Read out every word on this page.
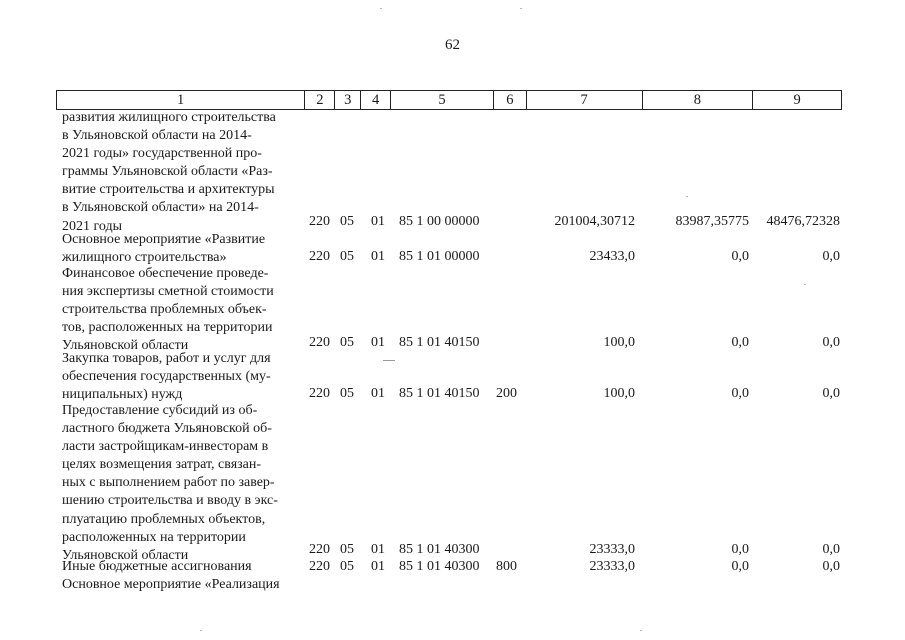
62
1	2	3	4	5	6	7	8	9
развития жилищного строительства
в Ульяновской области на 2014-
2021 годы» государственной про-
граммы Ульяновской области «Раз-
витие строительства и архитектуры
в Ульяновской области» на 2014-
2021 годы	220 05 01 85 1 00 00000	201004,30712	83987,35775	48476,72328
Основное мероприятие «Развитие
жилищного строительства»	220 05 01 85 1 01 00000	23433,0	0,0	0,0
Финансовое обеспечение проведе-
ния экспертизы сметной стоимости
строительства проблемных объек-
тов, расположенных на территории
Ульяновской области	220 05 01 85 1 01 40150	100,0	0,0	0,0
Закупка товаров, работ и услуг для
обеспечения государственных (му-
ниципальных) нужд	220 05 01 85 1 01 40150 200	100,0	0,0	0,0
Предоставление субсидий из об-
ластного бюджета Ульяновской об-
ласти застройщикам-инвесторам в
целях возмещения затрат, связан-
ных с выполнением работ по завер-
шению строительства и вводу в экс-
плуатацию проблемных объектов,
расположенных на территории
Ульяновской области	220 05 01 85 1 01 40300	23333,0	0,0	0,0
Иные бюджетные ассигнования	220 05 01 85 1 01 40300 800	23333,0	0,0	0,0
Основное мероприятие «Реализация
